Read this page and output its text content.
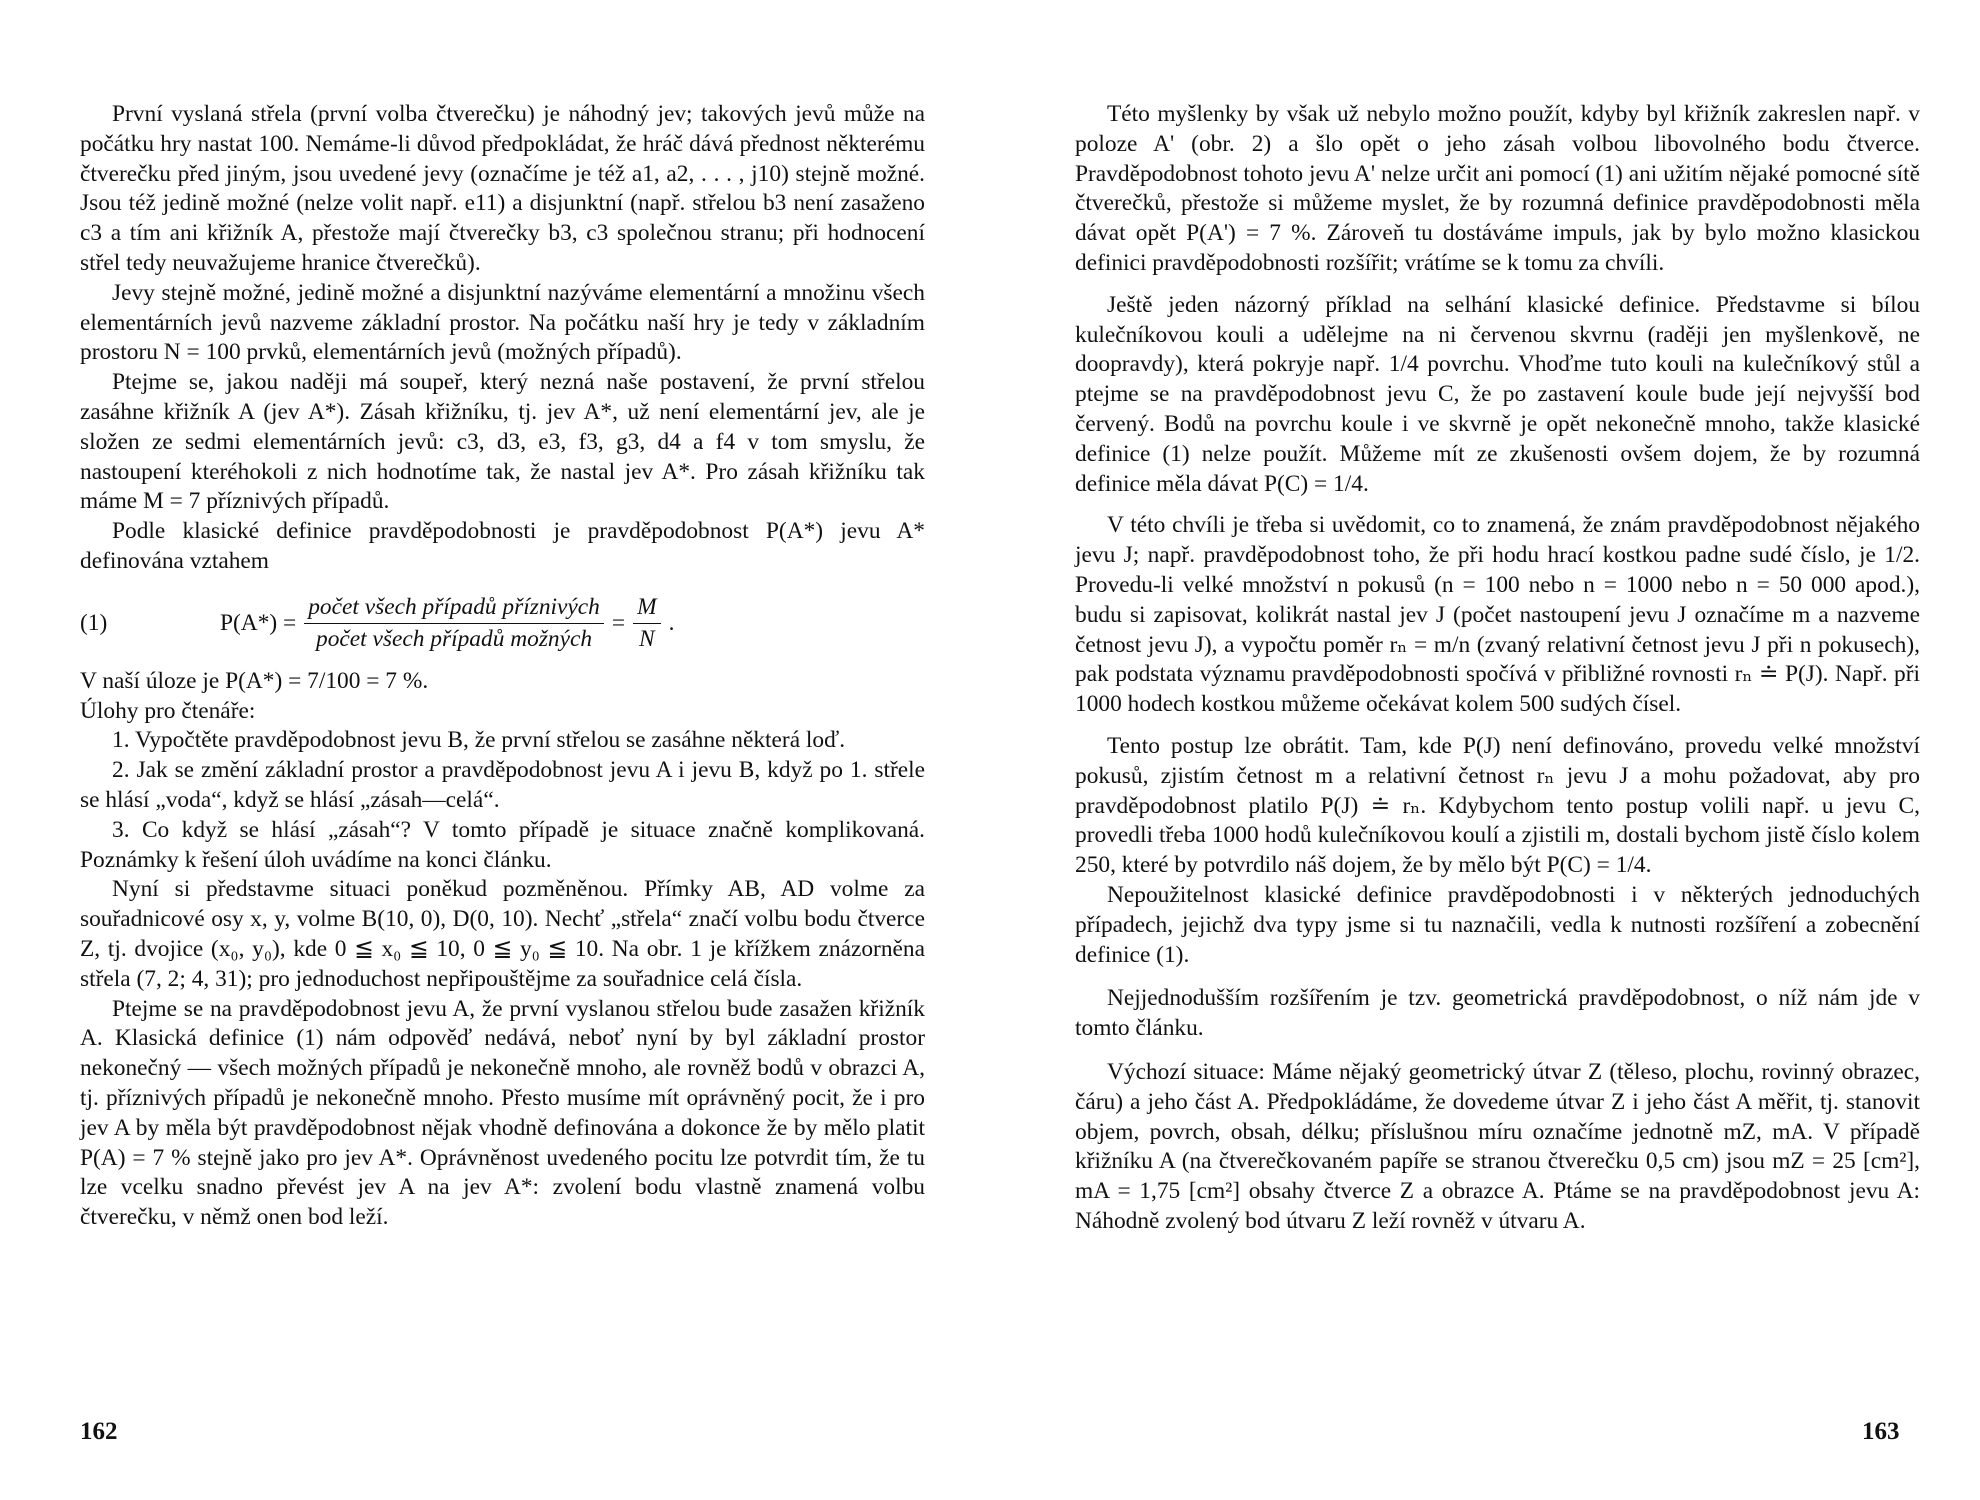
První vyslaná střela (první volba čtverečku) je náhodný jev; takových jevů může na počátku hry nastat 100. Nemáme-li důvod předpokládat, že hráč dává přednost některému čtverečku před jiným, jsou uvedené jevy (označíme je též a1, a2, . . . , j10) stejně možné. Jsou též jedině možné (nelze volit např. e11) a disjunktní (např. střelou b3 není zasaženo c3 a tím ani křižník A, přestože mají čtverečky b3, c3 společnou stranu; při hodnocení střel tedy neuvažujeme hranice čtverečků).

Jevy stejně možné, jedině možné a disjunktní nazýváme elementární a množinu všech elementárních jevů nazveme základní prostor. Na počátku naší hry je tedy v základním prostoru N = 100 prvků, elementárních jevů (možných případů).

Ptejme se, jakou naději má soupeř, který nezná naše postavení, že první střelou zasáhne křižník A (jev A*). Zásah křižníku, tj. jev A*, už není elementární jev, ale je složen ze sedmi elementárních jevů: c3, d3, e3, f3, g3, d4 a f4 v tom smyslu, že nastoupení kteréhokoli z nich hodnotíme tak, že nastal jev A*. Pro zásah křižníku tak máme M = 7 příznivých případů.

Podle klasické definice pravděpodobnosti je pravděpodobnost P(A*) jevu A* definována vztahem

(1)	$P(A*) = \frac{\text{počet všech případů příznivých}}{\text{počet všech případů možných}} = \frac{M}{N}$ .

V naší úloze je P(A*) = 7/100 = 7 %.

Úlohy pro čtenáře:

1. Vypočtěte pravděpodobnost jevu B, že první střelou se zasáhne některá loď.

2. Jak se změní základní prostor a pravděpodobnost jevu A i jevu B, když po 1. střele se hlásí „voda“, když se hlásí „zásah—celá“.

3. Co když se hlásí „zásah“? V tomto případě je situace značně komplikovaná. Poznámky k řešení úloh uvádíme na konci článku.

Nyní si představme situaci poněkud pozměněnou. Přímky AB, AD volme za souřadnicové osy x, y, volme B(10, 0), D(0, 10). Nechť „střela“ značí volbu bodu čtverce Z, tj. dvojice (x₀, y₀), kde 0 ≦ x₀ ≦ 10, 0 ≦ y₀ ≦ 10. Na obr. 1 je křížkem znázorněna střela (7, 2; 4, 31); pro jednoduchost nepřipouštějme za souřadnice celá čísla.

Ptejme se na pravděpodobnost jevu A, že první vyslanou střelou bude zasažen křižník A. Klasická definice (1) nám odpověď nedává, neboť nyní by byl základní prostor nekonečný — všech možných případů je nekonečně mnoho, ale rovněž bodů v obrazci A, tj. příznivých případů je nekonečně mnoho. Přesto musíme mít oprávněný pocit, že i pro jev A by měla být pravděpodobnost nějak vhodně definována a dokonce že by mělo platit P(A) = 7 % stejně jako pro jev A*. Oprávněnost uvedeného pocitu lze potvrdit tím, že tu lze vcelku snadno převést jev A na jev A*: zvolení bodu vlastně znamená volbu čtverečku, v němž onen bod leží.

Této myšlenky by však už nebylo možno použít, kdyby byl křižník zakreslen např. v poloze A' (obr. 2) a šlo opět o jeho zásah volbou libovolného bodu čtverce. Pravděpodobnost tohoto jevu A' nelze určit ani pomocí (1) ani užitím nějaké pomocné sítě čtverečků, přestože si můžeme myslet, že by rozumná definice pravděpodobnosti měla dávat opět P(A') = 7 %. Zároveň tu dostáváme impuls, jak by bylo možno klasickou definici pravděpodobnosti rozšířit; vrátíme se k tomu za chvíli.

Ještě jeden názorný příklad na selhání klasické definice. Představme si bílou kulečníkovou kouli a udělejme na ni červenou skvrnu (raději jen myšlenkově, ne doopravdy), která pokryje např. 1/4 povrchu. Vhoďme tuto kouli na kulečníkový stůl a ptejme se na pravděpodobnost jevu C, že po zastavení koule bude její nejvyšší bod červený. Bodů na povrchu koule i ve skvrně je opět nekonečně mnoho, takže klasické definice (1) nelze použít. Můžeme mít ze zkušenosti ovšem dojem, že by rozumná definice měla dávat P(C) = 1/4.

V této chvíli je třeba si uvědomit, co to znamená, že znám pravděpodobnost nějakého jevu J; např. pravděpodobnost toho, že při hodu hrací kostkou padne sudé číslo, je 1/2. Provedu-li velké množství n pokusů (n = 100 nebo n = 1000 nebo n = 50 000 apod.), budu si zapisovat, kolikrát nastal jev J (počet nastoupení jevu J označíme m a nazveme četnost jevu J), a vypočtu poměr rₙ = m/n (zvaný relativní četnost jevu J při n pokusech), pak podstata významu pravděpodobnosti spočívá v přibližné rovnosti rₙ ≐ P(J). Např. při 1000 hodech kostkou můžeme očekávat kolem 500 sudých čísel.

Tento postup lze obrátit. Tam, kde P(J) není definováno, provedu velké množství pokusů, zjistím četnost m a relativní četnost rₙ jevu J a mohu požadovat, aby pro pravděpodobnost platilo P(J) ≐ rₙ. Kdybychom tento postup volili např. u jevu C, provedli třeba 1000 hodů kulečníkovou koulí a zjistili m, dostali bychom jistě číslo kolem 250, které by potvrdilo náš dojem, že by mělo být P(C) = 1/4.

Nepoužitelnost klasické definice pravděpodobnosti i v některých jednoduchých případech, jejichž dva typy jsme si tu naznačili, vedla k nutnosti rozšíření a zobecnění definice (1).

Nejjednodušším rozšířením je tzv. geometrická pravděpodobnost, o níž nám jde v tomto článku.

Výchozí situace: Máme nějaký geometrický útvar Z (těleso, plochu, rovinný obrazec, čáru) a jeho část A. Předpokládáme, že dovedeme útvar Z i jeho část A měřit, tj. stanovit objem, povrch, obsah, délku; příslušnou míru označíme jednotně mZ, mA. V případě křižníku A (na čtverečkovaném papíře se stranou čtverečku 0,5 cm) jsou mZ = 25 [cm²], mA = 1,75 [cm²] obsahy čtverce Z a obrazce A. Ptáme se na pravděpodobnost jevu A: Náhodně zvolený bod útvaru Z leží rovněž v útvaru A.

162	163
